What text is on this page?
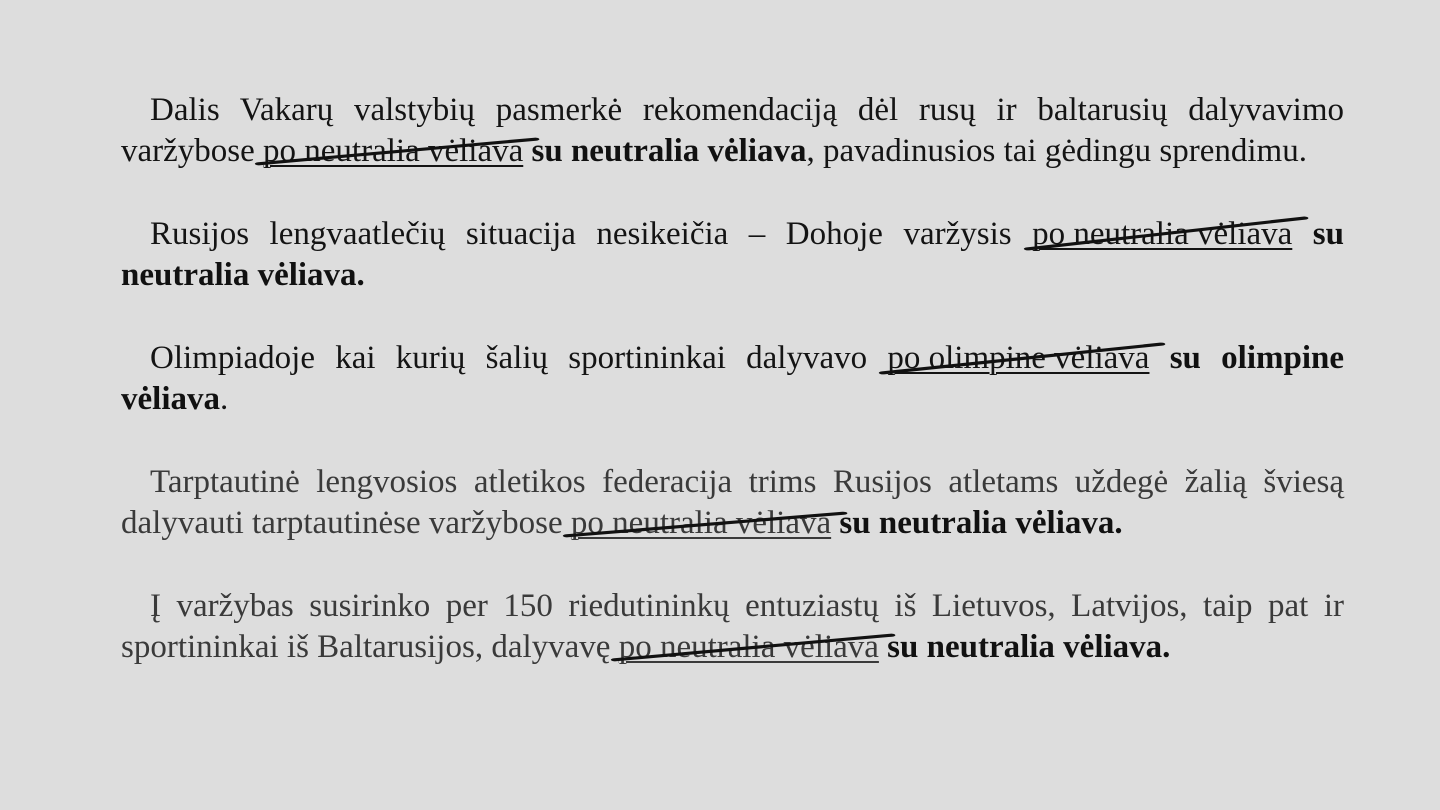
Dalis Vakarų valstybių pasmerkė rekomendaciją dėl rusų ir baltarusių dalyvavimo varžybose po neutralia vėliava su neutralia vėliava, pavadinusios tai gėdingu sprendimu.

Rusijos lengvaatlečių situacija nesikeičia – Dohoje varžysis po neutralia vėliava su neutralia vėliava.

Olimpiadoje kai kurių šalių sportininkai dalyvavo po olimpine vėliava su olimpine vėliava.

Tarptautinė lengvosios atletikos federacija trims Rusijos atletams uždegė žalią šviesą dalyvauti tarptautinėse varžybose po neutralia vėliava su neutralia vėliava.

Į varžybas susirinko per 150 riedutininkų entuziastų iš Lietuvos, Latvijos, taip pat ir sportininkai iš Baltarusijos, dalyvavę po neutralia vėliava su neutralia vėliava.
